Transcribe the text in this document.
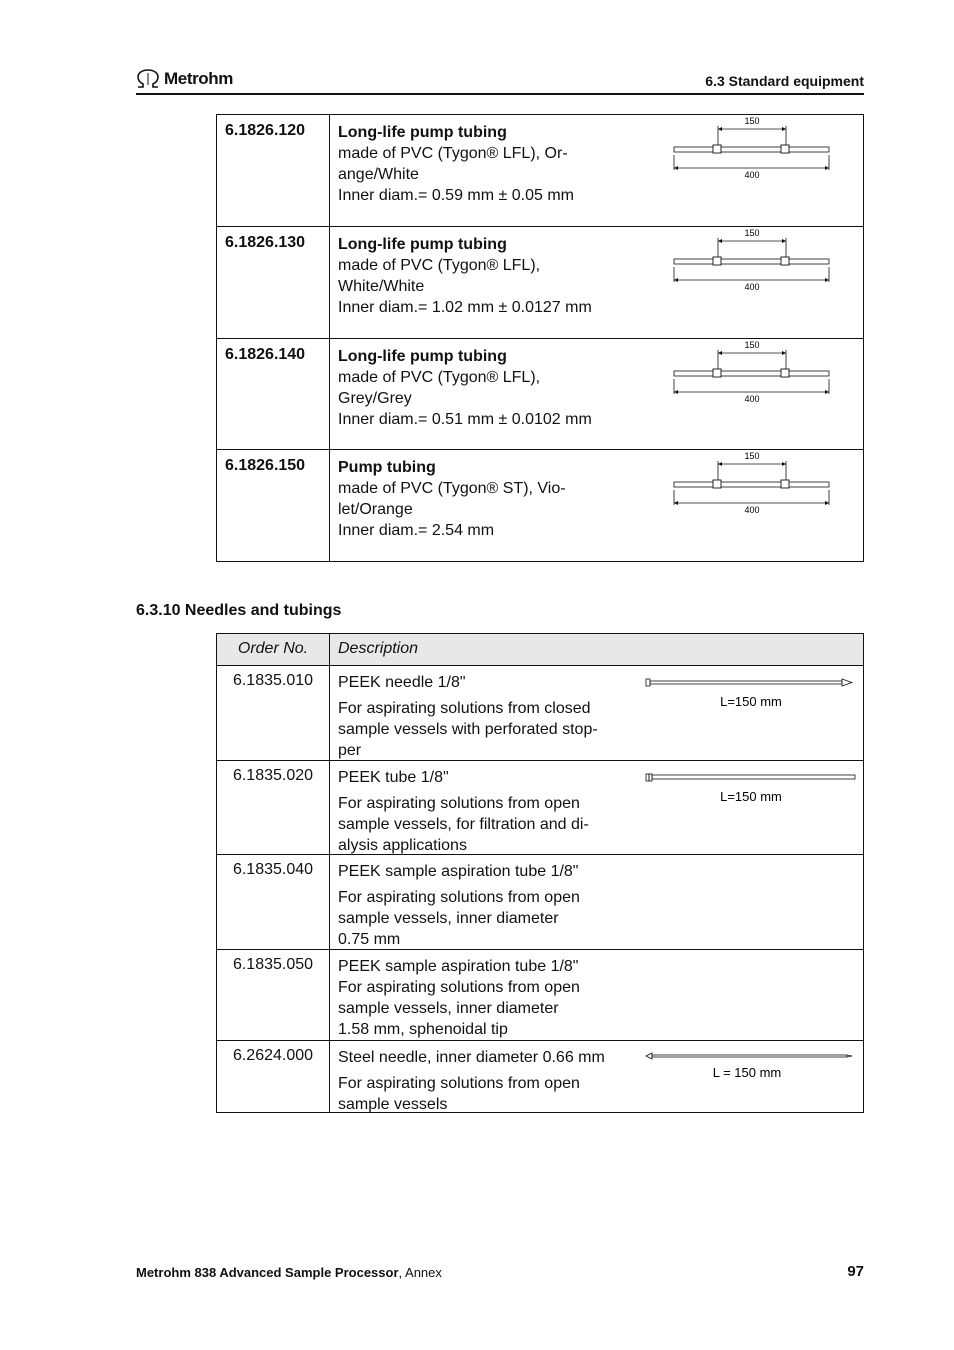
Metrohm	6.3 Standard equipment
6.1826.120 Long-life pump tubing
made of PVC (Tygon® LFL), Or-
ange/White
Inner diam.= 0.59 mm ± 0.05 mm
150
400
6.1826.130 Long-life pump tubing
made of PVC (Tygon® LFL),
White/White
Inner diam.= 1.02 mm ± 0.0127 mm
150
400
6.1826.140 Long-life pump tubing
made of PVC (Tygon® LFL),
Grey/Grey
Inner diam.= 0.51 mm ± 0.0102 mm
150
400
6.1826.150 Pump tubing
made of PVC (Tygon® ST), Vio-
let/Orange
Inner diam.= 2.54 mm
150
400
6.3.10 Needles and tubings
Order No.	Description
6.1835.010	PEEK needle 1/8"
For aspirating solutions from closed
sample vessels with perforated stop-
per
L=150 mm
6.1835.020	PEEK tube 1/8"
For aspirating solutions from open
sample vessels, for filtration and di-
alysis applications
L=150 mm
6.1835.040	PEEK sample aspiration tube 1/8"
For aspirating solutions from open
sample vessels, inner diameter
0.75 mm
6.1835.050	PEEK sample aspiration tube 1/8"
For aspirating solutions from open
sample vessels, inner diameter
1.58 mm, sphenoidal tip
6.2624.000	Steel needle, inner diameter 0.66 mm
For aspirating solutions from open
sample vessels
L = 150 mm
Metrohm 838 Advanced Sample Processor, Annex	97
